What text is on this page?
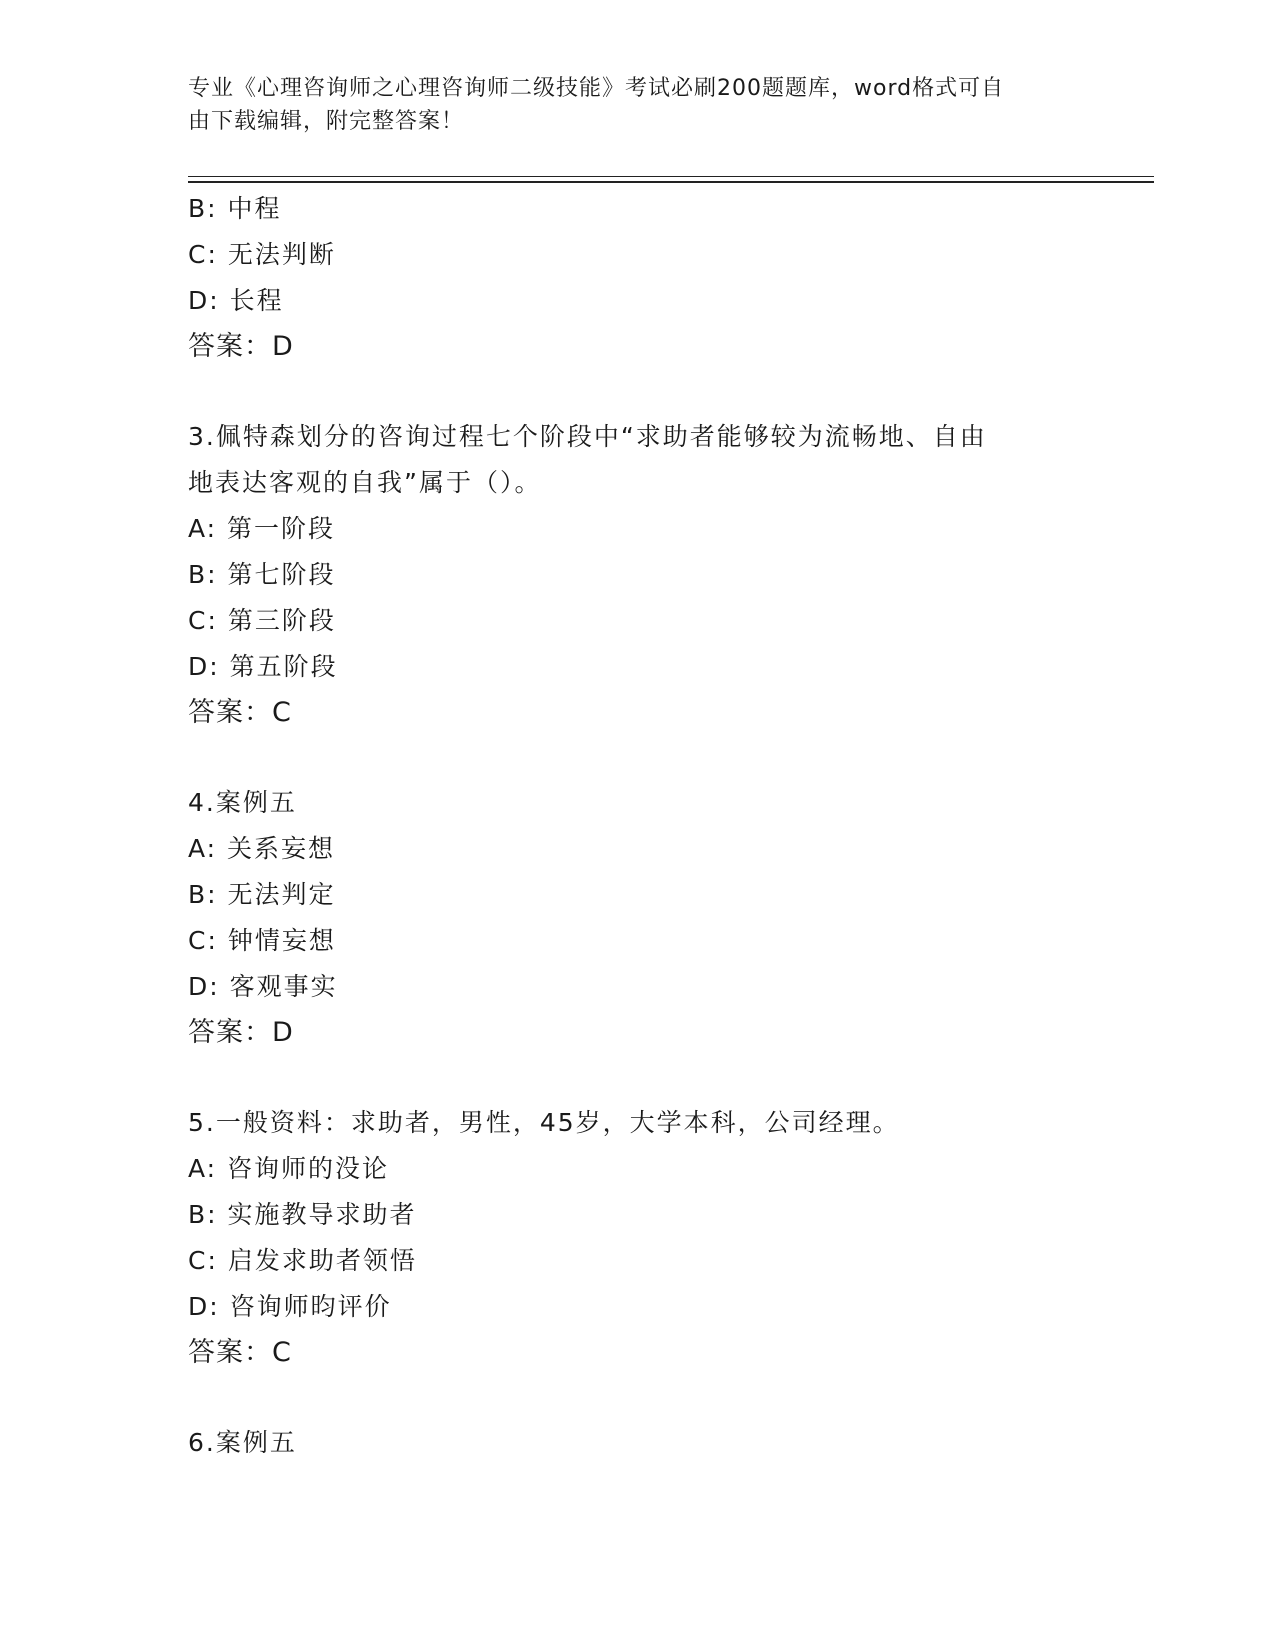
专业《心理咨询师之心理咨询师二级技能》考试必刷200题题库，word格式可自
由下载编辑，附完整答案！
B: 中程
C: 无法判断
D: 长程
答案：D
3.佩特森划分的咨询过程七个阶段中“求助者能够较为流畅地、自由
地表达客观的自我”属于（）。
A: 第一阶段
B: 第七阶段
C: 第三阶段
D: 第五阶段
答案：C
4.案例五
A: 关系妄想
B: 无法判定
C: 钟情妄想
D: 客观事实
答案：D
5.一般资料：求助者，男性，45岁，大学本科，公司经理。
A: 咨询师的没论
B: 实施教导求助者
C: 启发求助者领悟
D: 咨询师昀评价
答案：C
6.案例五
